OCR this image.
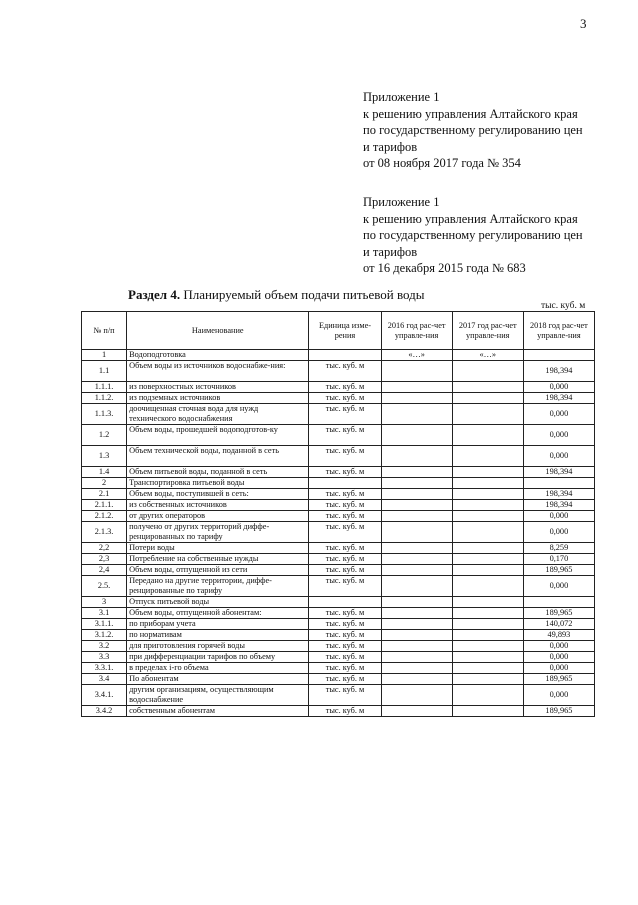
3
Приложение 1
к решению управления Алтайского края
по государственному регулированию цен
и тарифов
от 08 ноября 2017 года № 354
Приложение 1
к решению управления Алтайского края
по государственному регулированию цен
и тарифов
от 16 декабря 2015 года № 683
Раздел 4. Планируемый объем подачи питьевой воды
тыс. куб. м
№ п/п	Наименование	Единица изме-рения	2016 год рас-чет управле-ния	2017 год рас-чет управле-ния	2018 год рас-чет управле-ния
1	Водоподготовка		«…»	«…»	
1.1	Объем воды из источников водоснабже-ния:	тыс. куб. м			198,394
1.1.1.	из поверхностных источников	тыс. куб. м			0,000
1.1.2.	из подземных источников	тыс. куб. м			198,394
1.1.3.	доочищенная сточная вода для нужд технического водоснабжения	тыс. куб. м			0,000
1.2	Объем воды, прошедшей водоподготов-ку	тыс. куб. м			0,000
1.3	Объем технической воды, поданной в сеть	тыс. куб. м			0,000
1.4	Объем питьевой воды, поданной в сеть	тыс. куб. м			198,394
2	Транспортировка питьевой воды				
2.1	Объем воды, поступившей в сеть:	тыс. куб. м			198,394
2.1.1.	из собственных источников	тыс. куб. м			198,394
2.1.2.	от других операторов	тыс. куб. м			0,000
2.1.3.	получено от других территорий диффе-ренцированных по тарифу	тыс. куб. м			0,000
2,2	Потери воды	тыс. куб. м			8,259
2,3	Потребление на собственные нужды	тыс. куб. м			0,170
2,4	Объем воды, отпущенной из сети	тыс. куб. м			189,965
2.5.	Передано на другие территории, диффе-ренцированные по тарифу	тыс. куб. м			0,000
3	Отпуск питьевой воды				
3.1	Объем воды, отпущенной абонентам:	тыс. куб. м			189,965
3.1.1.	по приборам учета	тыс. куб. м			140,072
3.1.2.	по нормативам	тыс. куб. м			49,893
3.2	для приготовления горячей воды	тыс. куб. м			0,000
3.3	при дифференциации тарифов по объему	тыс. куб. м			0,000
3.3.1.	в пределах i-го объема	тыс. куб. м			0,000
3.4	По абонентам	тыс. куб. м			189,965
3.4.1.	другим организациям, осуществляющим водоснабжение	тыс. куб. м			0,000
3.4.2	собственным абонентам	тыс. куб. м			189,965
